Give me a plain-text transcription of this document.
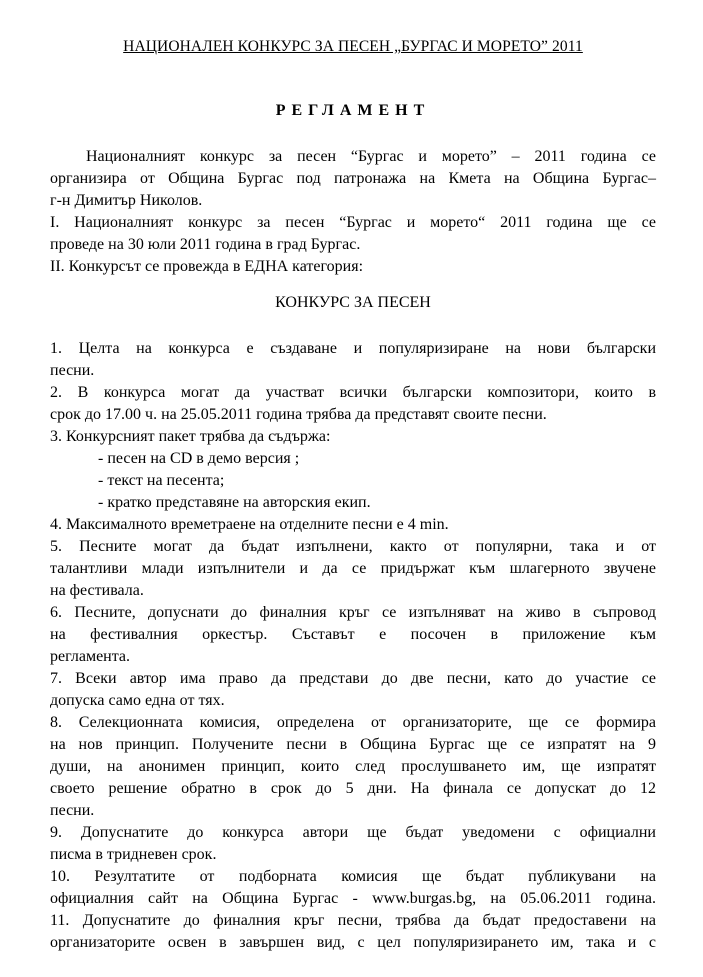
НАЦИОНАЛЕН КОНКУРС ЗА ПЕСЕН „БУРГАС И МОРЕТО” 2011
РЕГЛАМЕНТ
Националният конкурс за песен “Бургас и морето” – 2011 година се
организира от Община Бургас под патронажа на Кмета на Община Бургас–
г-н Димитър Николов.
I. Националният конкурс за песен “Бургас и морето“ 2011 година ще се
проведе на 30 юли 2011 година в град Бургас.
II. Конкурсът се провежда в ЕДНА категория:
КОНКУРС ЗА ПЕСЕН
1. Целта на конкурса е създаване и популяризиране на нови български
песни.
2. В конкурса могат да участват всички български композитори, които в
срок до 17.00 ч. на 25.05.2011 година трябва да представят своите песни.
3. Конкурсният пакет трябва да съдържа:
- песен на CD в демо версия ;
- текст на песента;
- кратко представяне на авторския екип.
4. Максималното времетраене на отделните песни е 4 min.
5. Песните могат да бъдат изпълнени, както от популярни, така и от
талантливи млади изпълнители и да се придържат към шлагерното звучене
на фестивала.
6. Песните, допуснати до финалния кръг се изпълняват на живо в съпровод
на фестивалния оркестър. Съставът е посочен в приложение към
регламента.
7. Всеки автор има право да представи до две песни, като до участие се
допуска само една от тях.
8. Селекционната комисия, определена от организаторите, ще се формира
на нов принцип. Получените песни в Община Бургас ще се изпратят на 9
души, на анонимен принцип, които след прослушването им, ще изпратят
своето решение обратно в срок до 5 дни. На финала се допускат до 12
песни.
9. Допуснатите до конкурса автори ще бъдат уведомени с официални
писма в тридневен срок.
10. Резултатите от подборната комисия ще бъдат публикувани на
официалния сайт на Община Бургас - www.burgas.bg, на 05.06.2011 година.
11. Допуснатите до финалния кръг песни, трябва да бъдат предоставени на
организаторите освен в завършен вид, с цел популяризирането им, така и с
